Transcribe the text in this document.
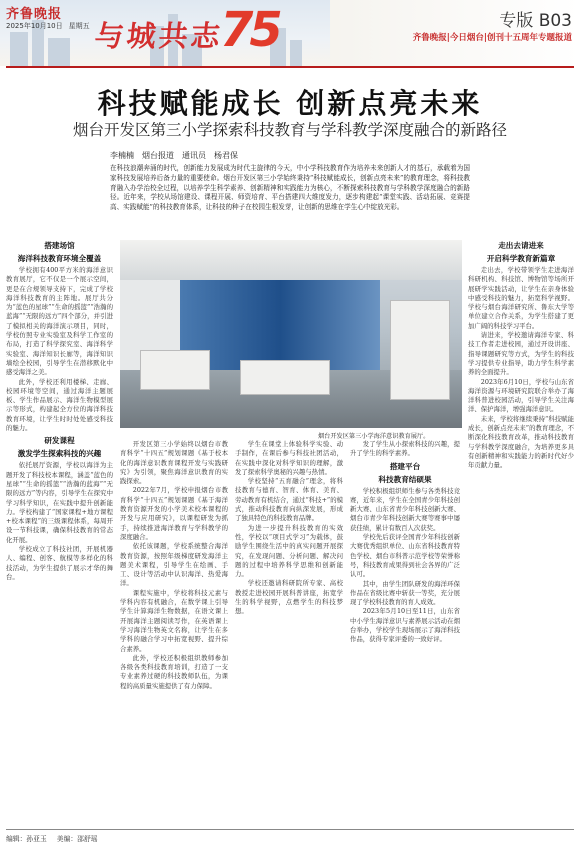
齐鲁晚报
2025年10月10日 星期五 与城共志
75	专版 B03
齐鲁晚报|今日烟台|创刊十五周年专题报道
科技赋能成长 创新点亮未来
烟台开发区第三小学探索科技教育与学科教学深度融合的新路径
李楠楠 烟台报道 通讯员 杨君保
在科技浪潮奔涌的时代，创新能力发展成为时代主旋律的今天，中小学科技教育作为培养未来创新人才的基石，承载着为国家科技发展培养后备力量的重要使命。烟台开发区第三小学始终秉持“科技赋能成长，创新点亮未来”的教育理念，将科技教育融入办学治校全过程，以培养学生科学素养、创新精神和实践能力为核心，不断探索科技教育与学科教学深度融合的新路径。近年来，学校从场馆建设、课程开展、师资培育、平台搭建四大维度发力，逐步构建起“课堂实践、活动拓展、竞赛提高、实践赋能”的科技教育体系，让科技的种子在校园生根发芽，让创新的思维在学生心中绽放光彩。
烟台开发区第三小学海洋意识教育展厅。
搭建场馆
海洋科技教育环境全覆盖

学校拥有400平方米的海洋意识教育展厅，它不仅是一个展示空间，更是在合规领导支持下，完成了学校海洋科技教育的主阵地。展厅共分为“蓝色的星球”“生命的摇篮”“浩瀚的蓝海”“无限的远方”四个部分，并引进了模拟相关的海洋演示项目，同时，学校仿照专业实验室及科学工作室的布局，打造了科学探究室、海洋科学实验室、海洋知识长廊等，海洋知识墙绘全校园，引导学生在潜移默化中感受海洋之美。

此外，学校还利用楼梯、走廊、校园环境等空间，通过海洋主题展板、学生作品展示、海洋生物模型展示等形式，构建起全方位的海洋科技教育环境，让学生时时处处感受科技的魅力。

研发课程
激发学生探索科技的兴趣

依托展厅资源，学校以海洋为主题开发了科技校本课程，涵盖“蓝色的星球”“生命的摇篮”“浩瀚的蓝海”“无限的远方”等内容，引导学生在探究中学习科学知识，在实践中提升创新能力。学校构建了“国家课程+地方课程+校本课程”的三级课程体系，每周开设一节科技课，确保科技教育的常态化开展。

学校成立了科技社团，开展机器人、编程、创客、航模等多样化的科技活动，为学生提供了展示才华的舞台。

开发区第三小学始终以烟台市教育科学“十四五”规划课题《基于校本化的海洋意识教育课程开发与实践研究》为引领，聚焦海洋意识教育的实践探索。

2022年7月，学校申报烟台市教育科学“十四五”规划课题《基于海洋教育资源开发的小学美术校本课程的开发与应用研究》，以课程研发为抓手，持续推进海洋教育与学科教学的深度融合。

依托该课题，学校系统整合海洋教育资源，按照年级梯度研发海洋主题美术课程，引导学生在绘画、手工、设计等活动中认识海洋、热爱海洋。

课程实施中，学校将科技元素与学科内容有机融合，在数学课上引导学生计算海洋生物数据，在语文课上开展海洋主题阅读写作，在英语课上学习海洋生物英文名称，让学生在多学科的融合学习中拓宽视野、提升综合素养。

此外，学校还积极组织教师参加各级各类科技教育培训，打造了一支专业素养过硬的科技教师队伍，为课程的高质量实施提供了有力保障。

学生在课堂上体验科学实验、动手制作，在课后参与科技社团活动，在实践中深化对科学知识的理解，激发了探索科学奥秘的兴趣与热情。

学校坚持“五育融合”理念，将科技教育与德育、智育、体育、美育、劳动教育有机结合，通过“科技+”的模式，推动科技教育向纵深发展，形成了独具特色的科技教育品牌。

为进一步提升科技教育的实效性，学校以“项目式学习”为载体，鼓励学生围绕生活中的真实问题开展探究，在发现问题、分析问题、解决问题的过程中培养科学思维和创新能力。

学校还邀请科研院所专家、高校教授走进校园开展科普讲座，拓宽学生的科学视野，点燃学生的科技梦想。

发了学生从小探索科技的兴趣，提升了学生的科学素养。

搭建平台
科技教育结硕果

学校积极组织师生参与各类科技竞赛，近年来，学生在全国青少年科技创新大赛、山东省青少年科技创新大赛、烟台市青少年科技创新大赛等赛事中屡获佳绩，累计有数百人次获奖。

学校先后获评全国青少年科技创新大赛优秀组织单位、山东省科技教育特色学校、烟台市科普示范学校等荣誉称号，科技教育成果得到社会各界的广泛认可。

其中，由学生团队研发的海洋环保作品在省级比赛中斩获一等奖，充分展现了学校科技教育的育人成效。

2023年5月10日至11日，山东省中小学生海洋意识与素养展示活动在烟台举办，学校学生现场展示了海洋科技作品，获得专家评委的一致好评。

走出去请进来
开启科学教育新篇章

走出去，学校带领学生走进海洋科研机构、科技馆、博物馆等场所开展研学实践活动，让学生在亲身体验中感受科技的魅力，拓宽科学视野。学校与烟台海洋研究所、鲁东大学等单位建立合作关系，为学生搭建了更加广阔的科技学习平台。

请进来，学校邀请海洋专家、科技工作者走进校园，通过开设讲座、指导课题研究等方式，为学生的科技学习提供专业指导，助力学生科学素养的全面提升。

2023年6月10日，学校与山东省海洋资源与环境研究院联合举办了海洋科普进校园活动，引导学生关注海洋、保护海洋，增强海洋意识。

未来，学校将继续秉持“科技赋能成长，创新点亮未来”的教育理念，不断深化科技教育改革，推动科技教育与学科教学深度融合，为培养更多具有创新精神和实践能力的新时代好少年贡献力量。

编辑：孙亚玉 美编：邵舒瑶
